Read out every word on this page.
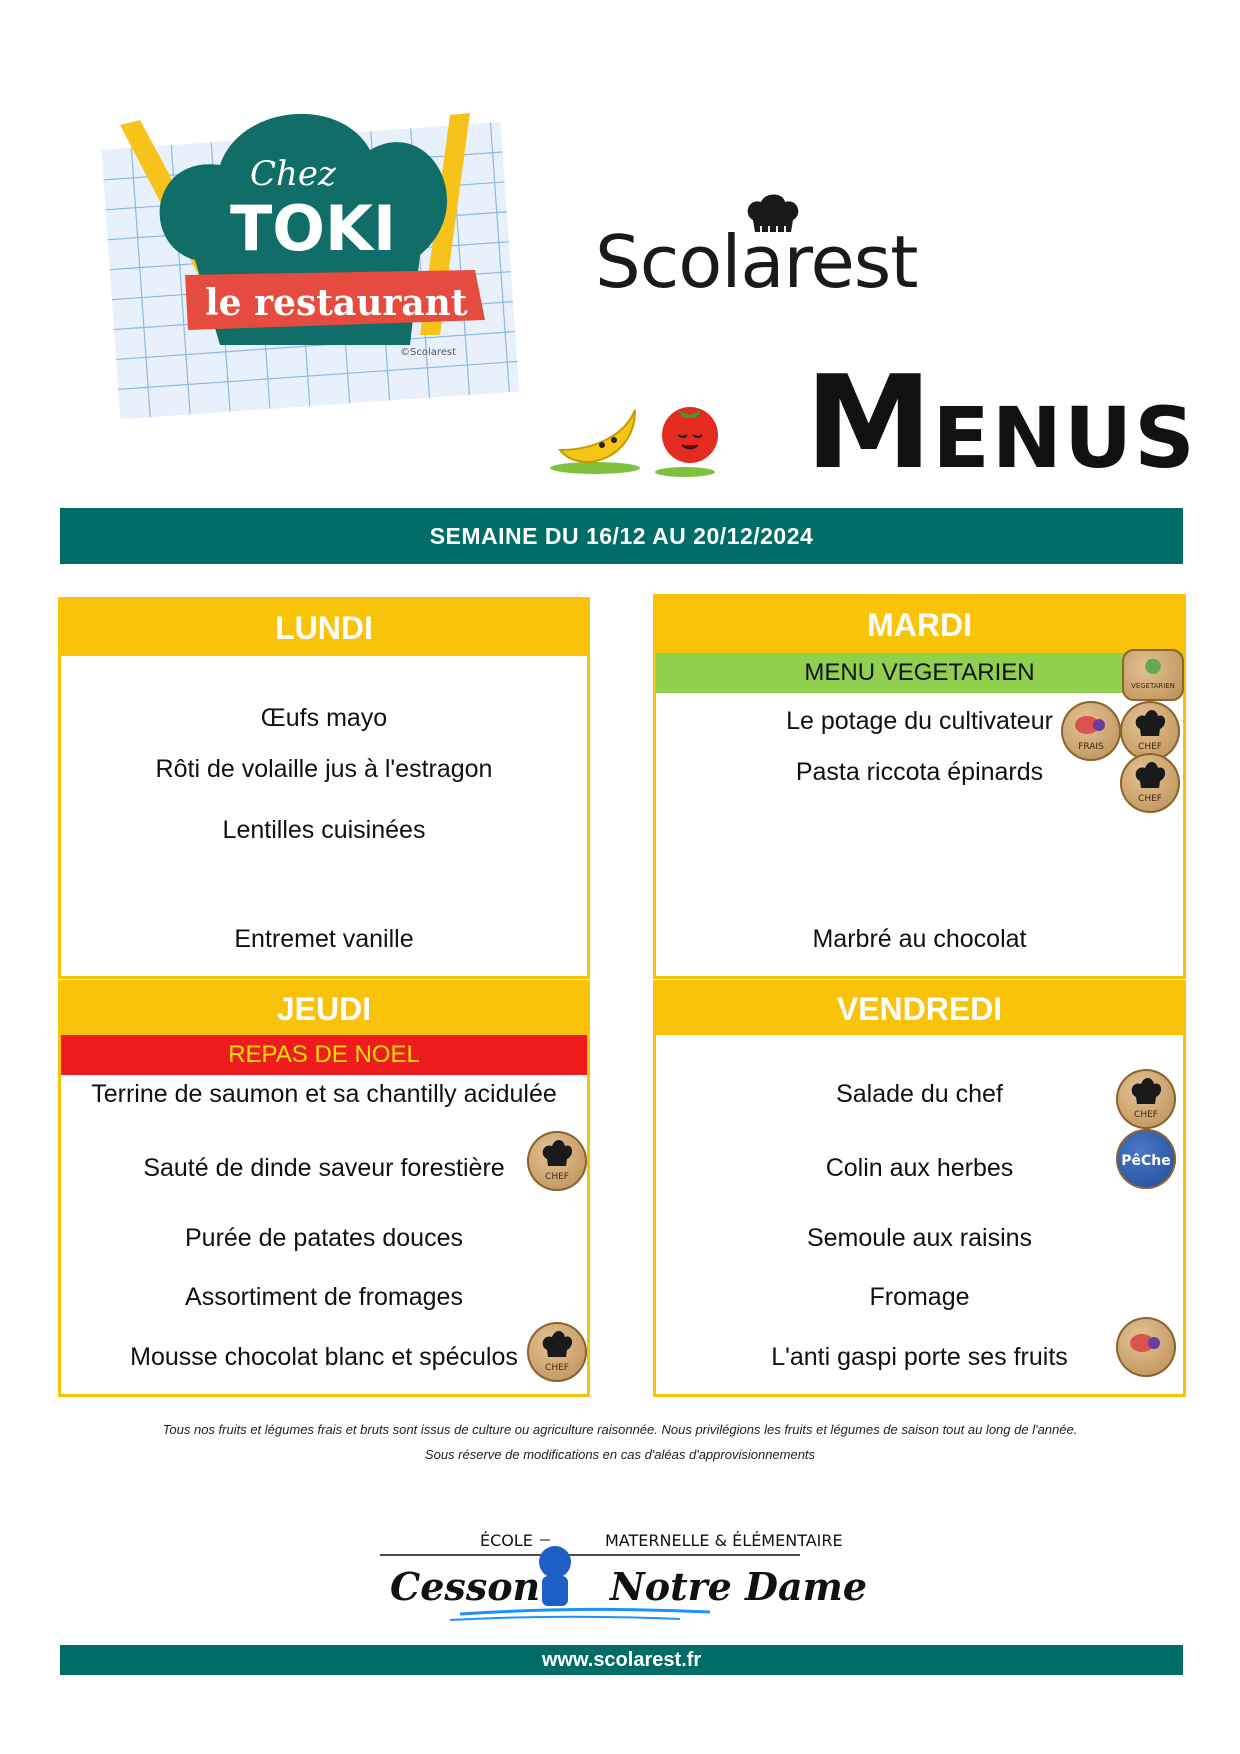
Chez
TOKI
le restaurant
©Scolarest
Scolarest
MENUS
SEMAINE DU 16/12 AU 20/12/2024
LUNDI
Œufs mayo
Rôti de volaille jus à l'estragon
Lentilles cuisinées
Entremet vanille
MARDI
MENU VEGETARIEN
Le potage du cultivateur
Pasta riccota épinards
Marbré au chocolat
VEGETARIEN
FRAIS	CHEF
CHEF
JEUDI
REPAS DE NOEL
Terrine de saumon et sa chantilly acidulée
Sauté de dinde saveur forestière
Purée de patates douces
Assortiment de fromages
Mousse chocolat blanc et spéculos
CHEF
CHEF
VENDREDI
Salade du chef
Colin aux herbes
Semoule aux raisins
Fromage
L'anti gaspi porte ses fruits
CHEF
PêChe
Tous nos fruits et légumes frais et bruts sont issus de culture ou agriculture raisonnée. Nous privilégions les fruits et légumes de saison tout au long de l'année.
Sous réserve de modifications en cas d'aléas d'approvisionnements
ÉCOLE	MATERNELLE & ÉLÉMENTAIRE
Cesson Notre Dame
www.scolarest.fr
